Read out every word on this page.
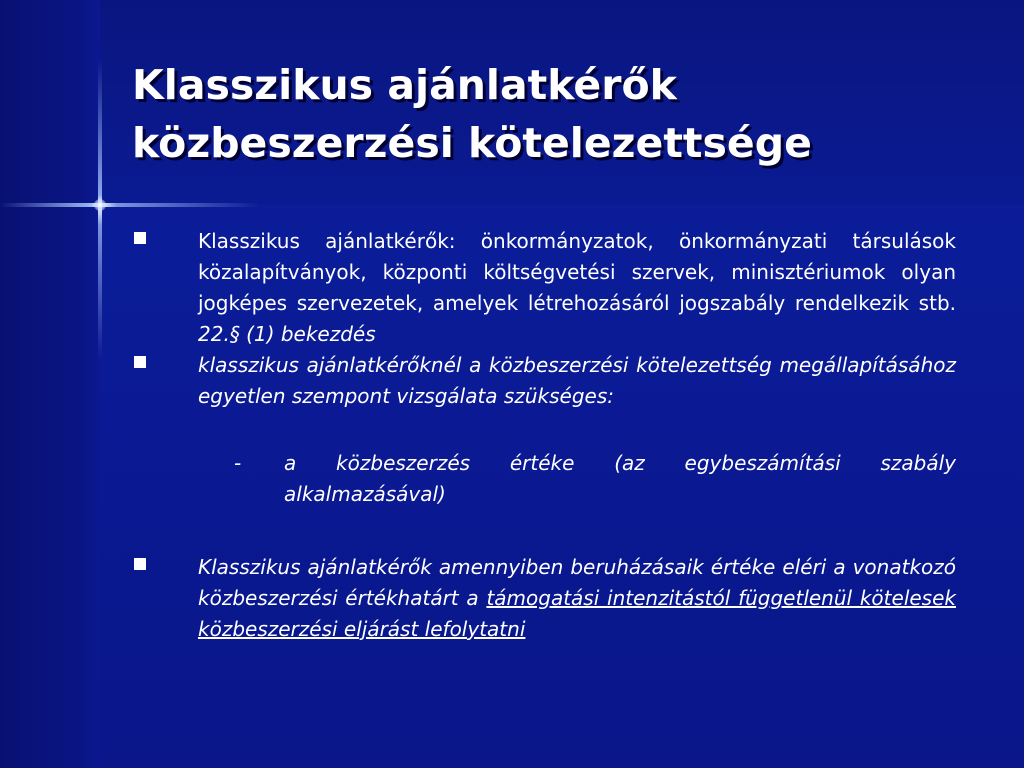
Klasszikus ajánlatkérők
közbeszerzési kötelezettsége

Klasszikus ajánlatkérők: önkormányzatok, önkormányzati társulások közalapítványok, központi költségvetési szervek, minisztériumok olyan jogképes szervezetek, amelyek létrehozásáról jogszabály rendelkezik stb. 22.§ (1) bekezdés

klasszikus ajánlatkérőknél a közbeszerzési kötelezettség megállapításához egyetlen szempont vizsgálata szükséges:

- a közbeszerzés értéke (az egybeszámítási szabály alkalmazásával)

Klasszikus ajánlatkérők amennyiben beruházásaik értéke eléri a vonatkozó közbeszerzési értékhatárt a támogatási intenzitástól függetlenül kötelesek közbeszerzési eljárást lefolytatni
